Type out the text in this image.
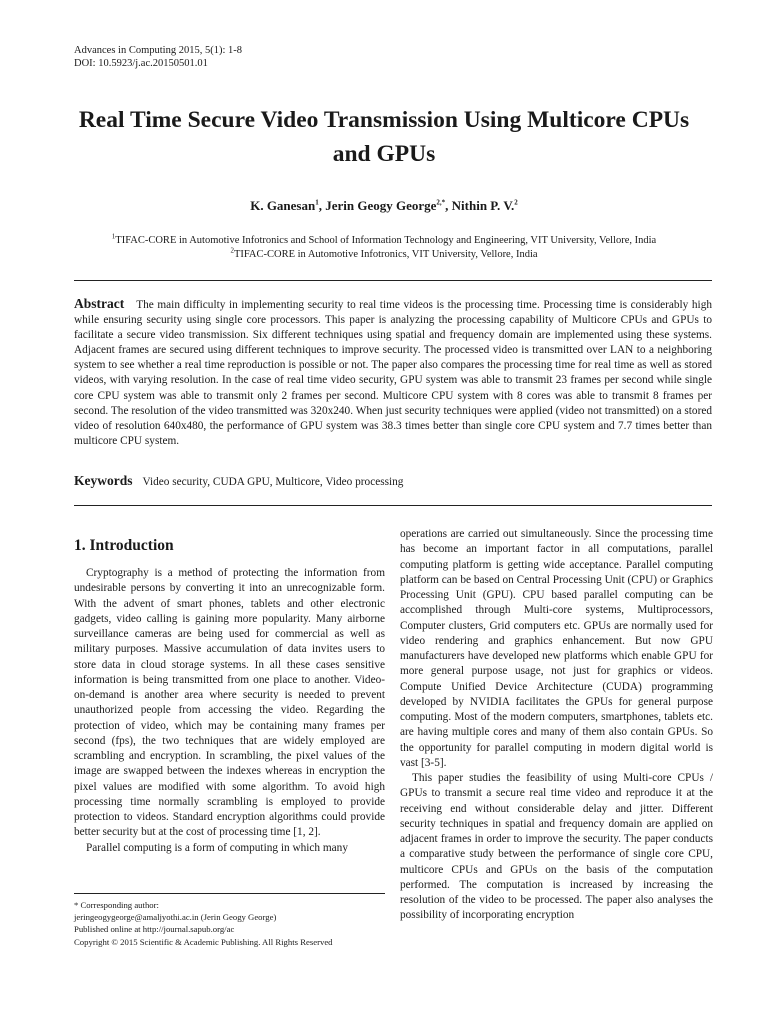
Advances in Computing 2015, 5(1): 1-8
DOI: 10.5923/j.ac.20150501.01
Real Time Secure Video Transmission Using Multicore CPUs and GPUs
K. Ganesan$^1$, Jerin Geogy George$^{2,*}$, Nithin P. V.$^2$
$^1$TIFAC-CORE in Automotive Infotronics and School of Information Technology and Engineering, VIT University, Vellore, India
$^2$TIFAC-CORE in Automotive Infotronics, VIT University, Vellore, India
Abstract The main difficulty in implementing security to real time videos is the processing time. Processing time is considerably high while ensuring security using single core processors. This paper is analyzing the processing capability of Multicore CPUs and GPUs to facilitate a secure video transmission. Six different techniques using spatial and frequency domain are implemented using these systems. Adjacent frames are secured using different techniques to improve security. The processed video is transmitted over LAN to a neighboring system to see whether a real time reproduction is possible or not. The paper also compares the processing time for real time as well as stored videos, with varying resolution. In the case of real time video security, GPU system was able to transmit 23 frames per second while single core CPU system was able to transmit only 2 frames per second. Multicore CPU system with 8 cores was able to transmit 8 frames per second. The resolution of the video transmitted was 320x240. When just security techniques were applied (video not transmitted) on a stored video of resolution 640x480, the performance of GPU system was 38.3 times better than single core CPU system and 7.7 times better than multicore CPU system.
Keywords Video security, CUDA GPU, Multicore, Video processing
1. Introduction

Cryptography is a method of protecting the information from undesirable persons by converting it into an unrecognizable form. With the advent of smart phones, tablets and other electronic gadgets, video calling is gaining more popularity. Many airborne surveillance cameras are being used for commercial as well as military purposes. Massive accumulation of data invites users to store data in cloud storage systems. In all these cases sensitive information is being transmitted from one place to another. Video-on-demand is another area where security is needed to prevent unauthorized people from accessing the video. Regarding the protection of video, which may be containing many frames per second (fps), the two techniques that are widely employed are scrambling and encryption. In scrambling, the pixel values of the image are swapped between the indexes whereas in encryption the pixel values are modified with some algorithm. To avoid high processing time normally scrambling is employed to provide protection to videos. Standard encryption algorithms could provide better security but at the cost of processing time [1, 2].

Parallel computing is a form of computing in which many

operations are carried out simultaneously. Since the processing time has become an important factor in all computations, parallel computing platform is getting wide acceptance. Parallel computing platform can be based on Central Processing Unit (CPU) or Graphics Processing Unit (GPU). CPU based parallel computing can be accomplished through Multi-core systems, Multiprocessors, Computer clusters, Grid computers etc. GPUs are normally used for video rendering and graphics enhancement. But now GPU manufacturers have developed new platforms which enable GPU for more general purpose usage, not just for graphics or videos. Compute Unified Device Architecture (CUDA) programming developed by NVIDIA facilitates the GPUs for general purpose computing. Most of the modern computers, smartphones, tablets etc. are having multiple cores and many of them also contain GPUs. So the opportunity for parallel computing in modern digital world is vast [3-5].

This paper studies the feasibility of using Multi-core CPUs / GPUs to transmit a secure real time video and reproduce it at the receiving end without considerable delay and jitter. Different security techniques in spatial and frequency domain are applied on adjacent frames in order to improve the security. The paper conducts a comparative study between the performance of single core CPU, multicore CPUs and GPUs on the basis of the computation performed. The computation is increased by increasing the resolution of the video to be processed. The paper also analyses the possibility of incorporating encryption

* Corresponding author:
jeringeogygeorge@amaljyothi.ac.in (Jerin Geogy George)
Published online at http://journal.sapub.org/ac
Copyright © 2015 Scientific & Academic Publishing. All Rights Reserved
